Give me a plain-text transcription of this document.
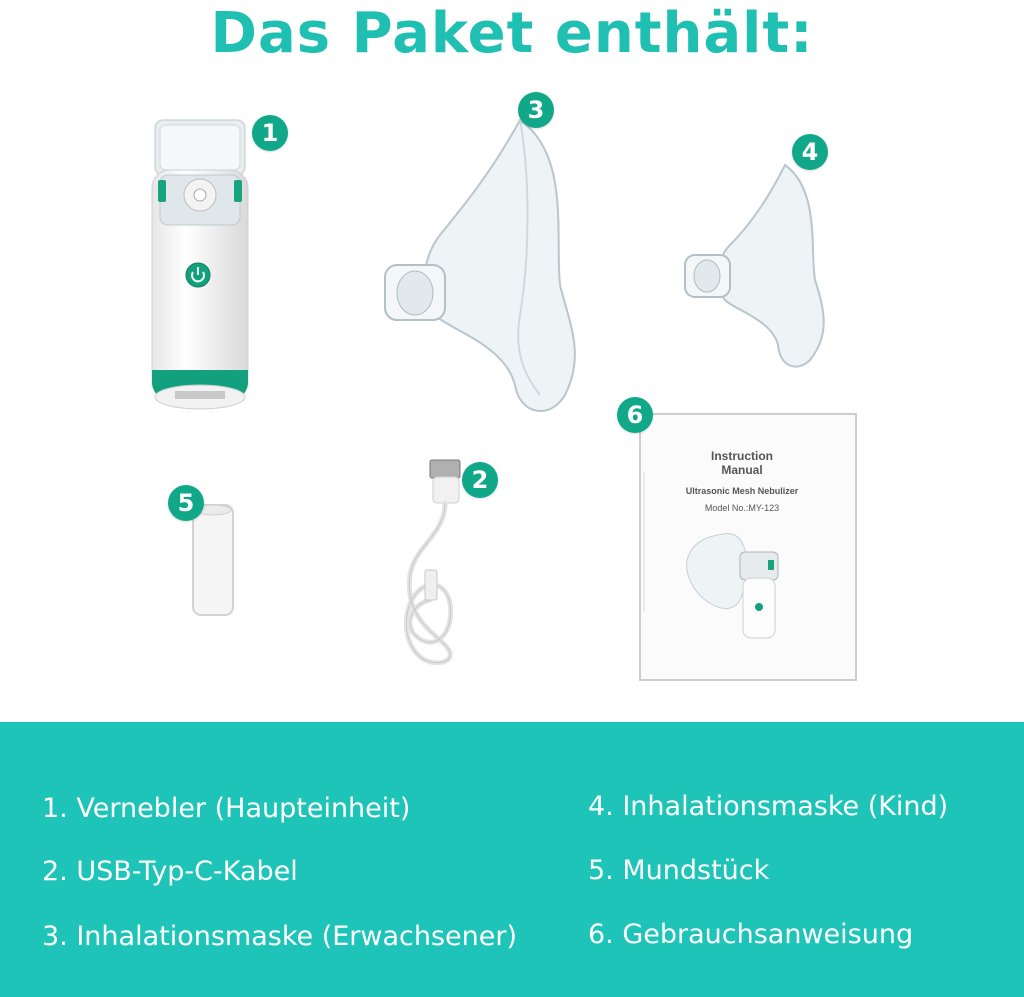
Das Paket enthält:
1
3
4
5
2
Instruction
Manual
Ultrasonic Mesh Nebulizer
Model No.:MY-123
6
1. Vernebler (Haupteinheit)
2. USB-Typ-C-Kabel
3. Inhalationsmaske (Erwachsener)
4. Inhalationsmaske (Kind)
5. Mundstück
6. Gebrauchsanweisung
